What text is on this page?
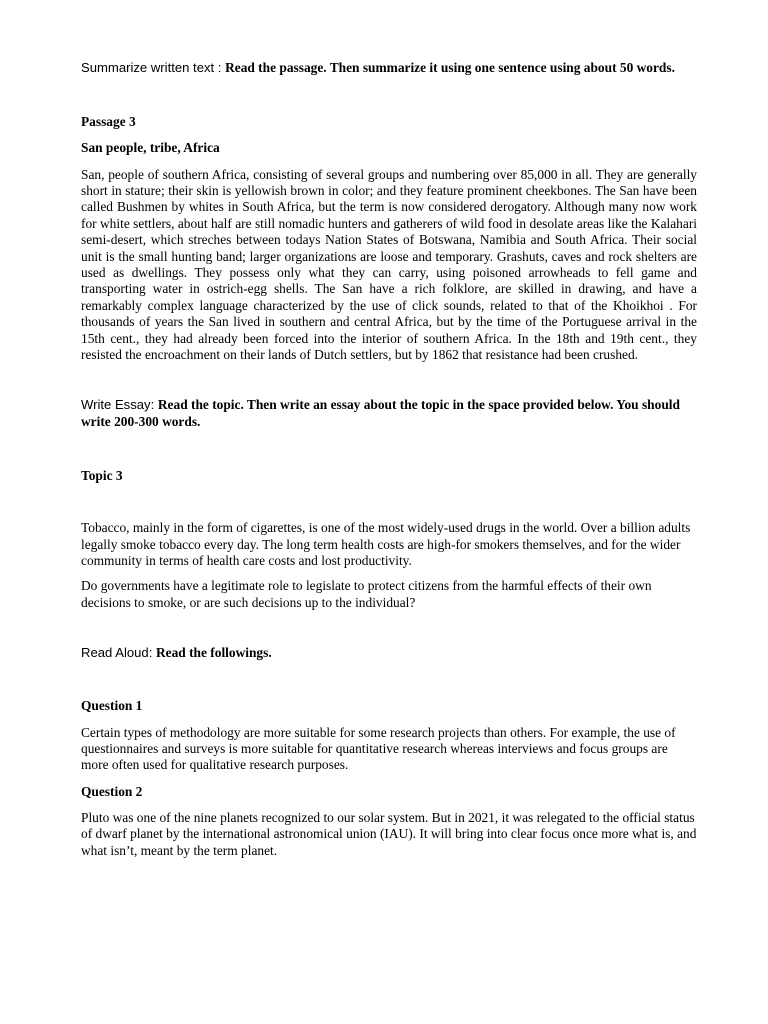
Summarize written text : Read the passage. Then summarize it using one sentence using about 50 words.

Passage 3

San people, tribe, Africa

San, people of southern Africa, consisting of several groups and numbering over 85,000 in all. They are generally short in stature; their skin is yellowish brown in color; and they feature prominent cheekbones. The San have been called Bushmen by whites in South Africa, but the term is now considered derogatory. Although many now work for white settlers, about half are still nomadic hunters and gatherers of wild food in desolate areas like the Kalahari semi-desert, which streches between todays Nation States of Botswana, Namibia and South Africa. Their social unit is the small hunting band; larger organizations are loose and temporary. Grashuts, caves and rock shelters are used as dwellings. They possess only what they can carry, using poisoned arrowheads to fell game and transporting water in ostrich-egg shells. The San have a rich folklore, are skilled in drawing, and have a remarkably complex language characterized by the use of click sounds, related to that of the Khoikhoi . For thousands of years the San lived in southern and central Africa, but by the time of the Portuguese arrival in the 15th cent., they had already been forced into the interior of southern Africa. In the 18th and 19th cent., they resisted the encroachment on their lands of Dutch settlers, but by 1862 that resistance had been crushed.

Write Essay: Read the topic. Then write an essay about the topic in the space provided below. You should write 200-300 words.

Topic 3

Tobacco, mainly in the form of cigarettes, is one of the most widely-used drugs in the world. Over a billion adults legally smoke tobacco every day. The long term health costs are high-for smokers themselves, and for the wider community in terms of health care costs and lost productivity.

Do governments have a legitimate role to legislate to protect citizens from the harmful effects of their own decisions to smoke, or are such decisions up to the individual?

Read Aloud: Read the followings.

Question 1

Certain types of methodology are more suitable for some research projects than others. For example, the use of questionnaires and surveys is more suitable for quantitative research whereas interviews and focus groups are more often used for qualitative research purposes.

Question 2

Pluto was one of the nine planets recognized to our solar system. But in 2021, it was relegated to the official status of dwarf planet by the international astronomical union (IAU). It will bring into clear focus once more what is, and what isn’t, meant by the term planet.
